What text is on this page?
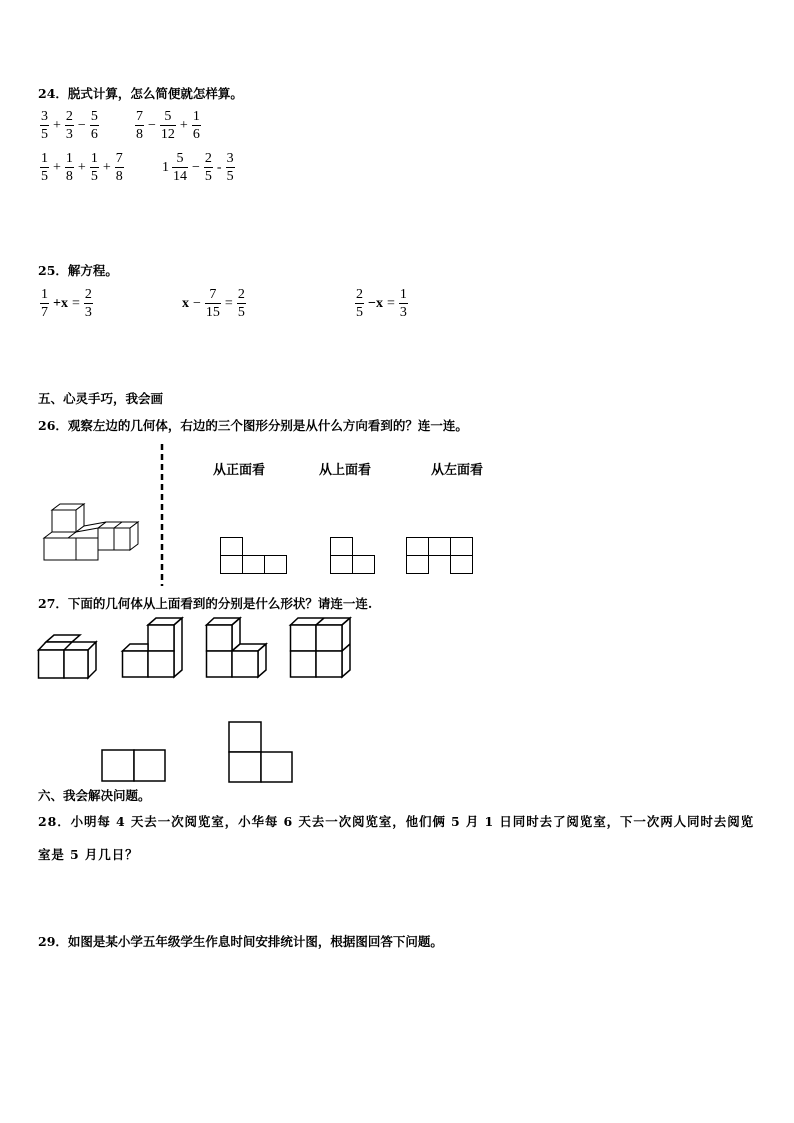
24．脱式计算，怎么简便就怎样算。
$\frac{3}{5} + \frac{2}{3} - \frac{5}{6}$	$\frac{7}{8} - \frac{5}{12} + \frac{1}{6}$
$\frac{1}{5} + \frac{1}{8} + \frac{1}{5} + \frac{7}{8}$	$1 \frac{5}{14} - \frac{2}{5} - \frac{3}{5}$
25．解方程。
$\frac{1}{7} +x = \frac{2}{3}$	$x - \frac{7}{15} = \frac{2}{5}$	$\frac{2}{5} -x = \frac{1}{3}$
五、心灵手巧，我会画
26．观察左边的几何体，右边的三个图形分别是从什么方向看到的？连一连。
从正面看	从上面看	从左面看
27．下面的几何体从上面看到的分别是什么形状？请连一连.
六、我会解决问题。
28．小明每 4 天去一次阅览室，小华每 6 天去一次阅览室，他们俩 5 月 1 日同时去了阅览室，下一次两人同时去阅览
室是 5 月几日？
29．如图是某小学五年级学生作息时间安排统计图，根据图回答下问题。
